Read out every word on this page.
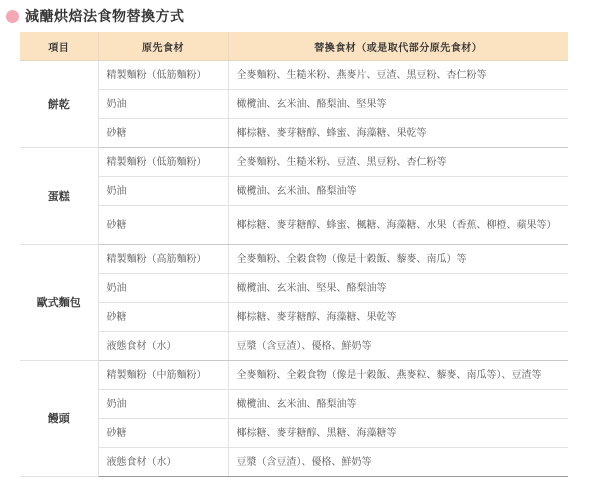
減醣烘焙法食物替換方式
項目	原先食材	替換食材（或是取代部分原先食材）
餅乾	精製麵粉（低筋麵粉）	全麥麵粉、生糙米粉、燕麥片、豆渣、黑豆粉、杏仁粉等
	奶油	橄欖油、玄米油、酪梨油、堅果等
	砂糖	椰棕糖、麥芽糖醇、蜂蜜、海藻糖、果乾等
蛋糕	精製麵粉（低筋麵粉）	全麥麵粉、生糙米粉、豆渣、黑豆粉、杏仁粉等
	奶油	橄欖油、玄米油、酪梨油等
	砂糖	椰棕糖、麥芽糖醇、蜂蜜、楓糖、海藻糖、水果（香蕉、柳橙、蘋果等）
歐式麵包	精製麵粉（高筋麵粉）	全麥麵粉、全穀食物（像是十穀飯、藜麥、南瓜）等
	奶油	橄欖油、玄米油、堅果、酪梨油等
	砂糖	椰棕糖、麥芽糖醇、海藻糖、果乾等
	液態食材（水）	豆漿（含豆渣）、優格、鮮奶等
饅頭	精製麵粉（中筋麵粉）	全麥麵粉、全穀食物（像是十穀飯、燕麥粒、藜麥、南瓜等）、豆渣等
	奶油	橄欖油、玄米油、酪梨油等
	砂糖	椰棕糖、麥芽糖醇、黑糖、海藻糖等
	液態食材（水）	豆漿（含豆渣）、優格、鮮奶等
